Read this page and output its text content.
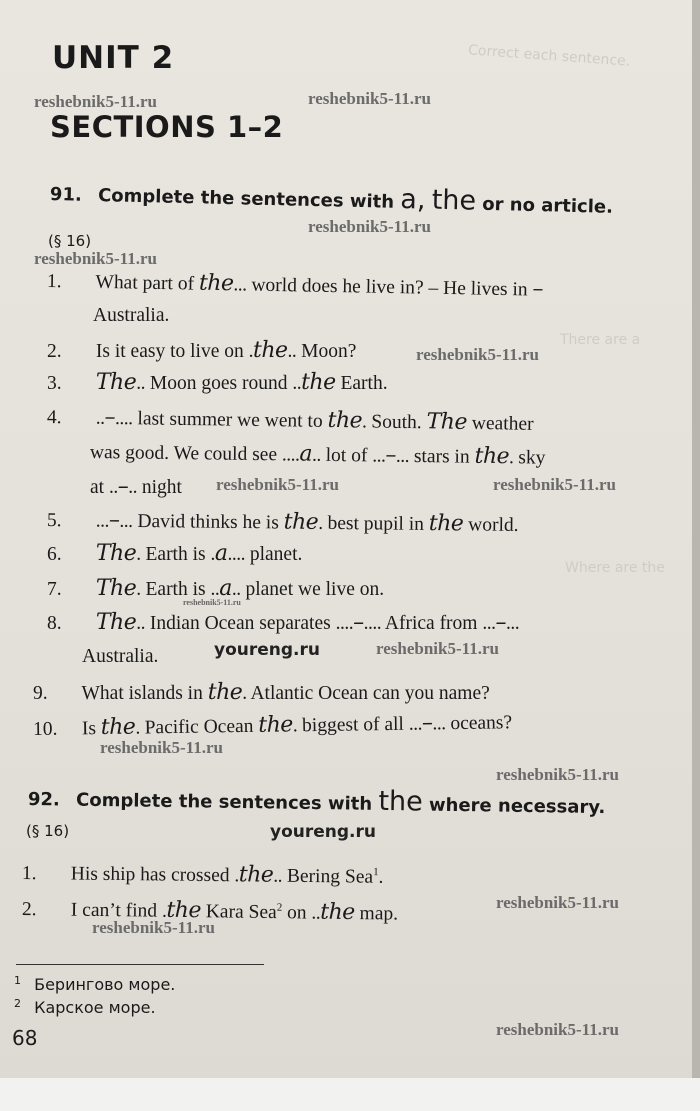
Correct each sentence.
There are a
Where are the
UNIT 2
reshebnik5-11.ru	reshebnik5-11.ru
SECTIONS 1–2
91. Complete the sentences with a, the or no article.
(§ 16)
reshebnik5-11.ru
reshebnik5-11.ru
1. What part of the... world does he live in? – He lives in –
Australia.
2. Is it easy to live on .the.. Moon?	reshebnik5-11.ru
3. The.. Moon goes round ..the Earth.
4. ..–.... last summer we went to the. South. The weather
was good. We could see ....a.. lot of ...–... stars in the. sky
at ..–.. night reshebnik5-11.ru	reshebnik5-11.ru
5. ...–... David thinks he is the. best pupil in the world.
6. The. Earth is .a.... planet.
7. The. Earth is ..a.. planet we live on.
reshebnik5-11.ru
8. The.. Indian Ocean separates ....–.... Africa from ...–...
Australia.	youreng.ru	reshebnik5-11.ru
9. What islands in the. Atlantic Ocean can you name?
10. Is the. Pacific Ocean the. biggest of all ...–... oceans?
reshebnik5-11.ru
reshebnik5-11.ru
92. Complete the sentences with the where necessary.
(§ 16)	youreng.ru
1. His ship has crossed .the.. Bering Sea$^1$.
2. I can’t find .the Kara Sea$^2$ on ..the map.
reshebnik5-11.ru
reshebnik5-11.ru
$^1$ Берингово море.
$^2$ Карское море.
68	reshebnik5-11.ru
